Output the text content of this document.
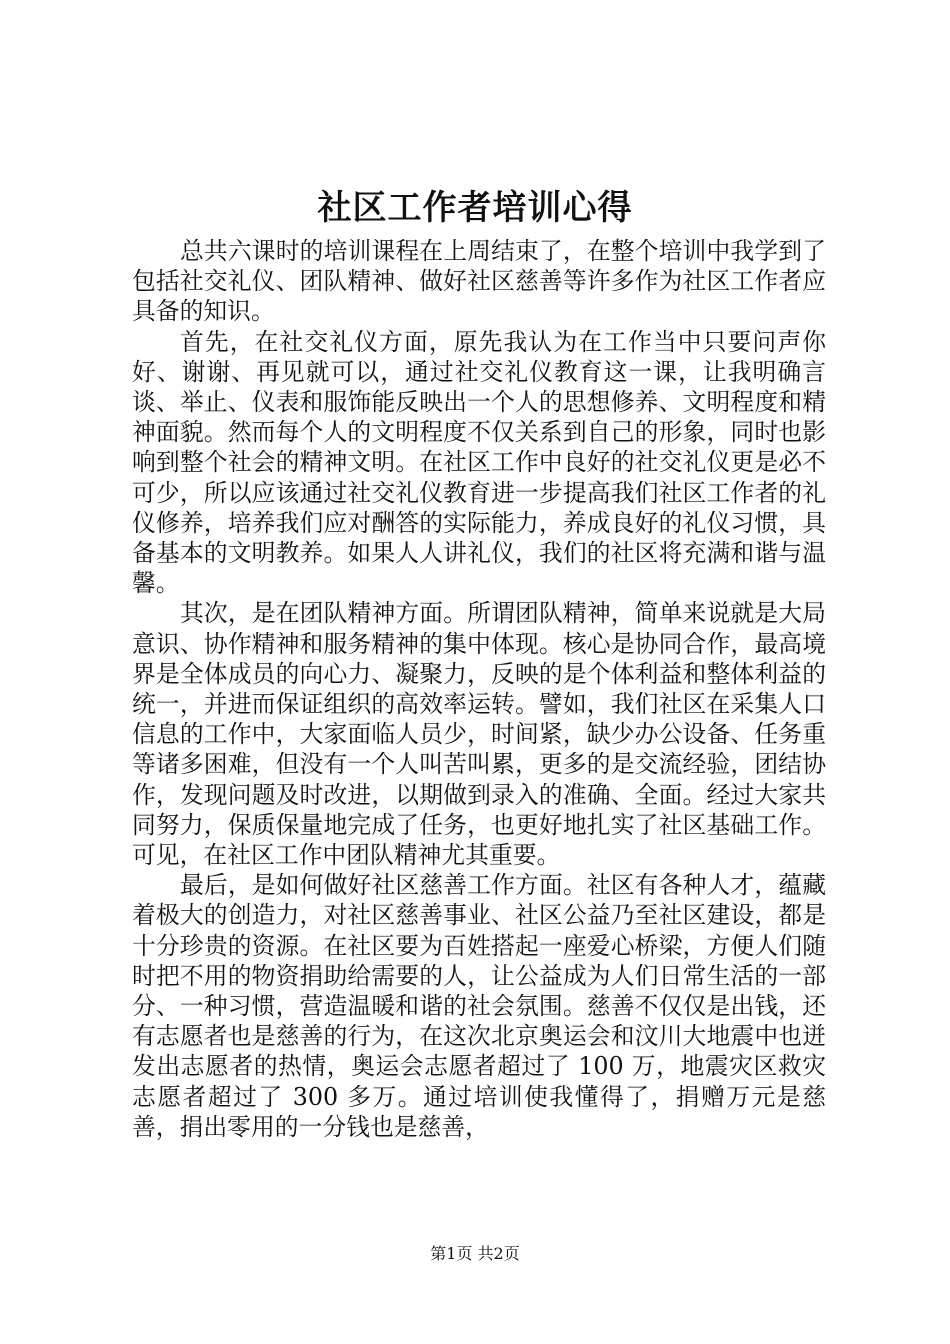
社区工作者培训心得

总共六课时的培训课程在上周结束了，在整个培训中我学到了包括社交礼仪、团队精神、做好社区慈善等许多作为社区工作者应具备的知识。

首先，在社交礼仪方面，原先我认为在工作当中只要问声你好、谢谢、再见就可以，通过社交礼仪教育这一课，让我明确言谈、举止、仪表和服饰能反映出一个人的思想修养、文明程度和精神面貌。然而每个人的文明程度不仅关系到自己的形象，同时也影响到整个社会的精神文明。在社区工作中良好的社交礼仪更是必不可少，所以应该通过社交礼仪教育进一步提高我们社区工作者的礼仪修养，培养我们应对酬答的实际能力，养成良好的礼仪习惯，具备基本的文明教养。如果人人讲礼仪，我们的社区将充满和谐与温馨。

其次，是在团队精神方面。所谓团队精神，简单来说就是大局意识、协作精神和服务精神的集中体现。核心是协同合作，最高境界是全体成员的向心力、凝聚力，反映的是个体利益和整体利益的统一，并进而保证组织的高效率运转。譬如，我们社区在采集人口信息的工作中，大家面临人员少，时间紧，缺少办公设备、任务重等诸多困难，但没有一个人叫苦叫累，更多的是交流经验，团结协作，发现问题及时改进，以期做到录入的准确、全面。经过大家共同努力，保质保量地完成了任务，也更好地扎实了社区基础工作。可见，在社区工作中团队精神尤其重要。

最后，是如何做好社区慈善工作方面。社区有各种人才，蕴藏着极大的创造力，对社区慈善事业、社区公益乃至社区建设，都是十分珍贵的资源。在社区要为百姓搭起一座爱心桥梁，方便人们随时把不用的物资捐助给需要的人，让公益成为人们日常生活的一部分、一种习惯，营造温暖和谐的社会氛围。慈善不仅仅是出钱，还有志愿者也是慈善的行为，在这次北京奥运会和汶川大地震中也迸发出志愿者的热情，奥运会志愿者超过了 100 万，地震灾区救灾志愿者超过了 300 多万。通过培训使我懂得了，捐赠万元是慈善，捐出零用的一分钱也是慈善，

第1页 共2页
